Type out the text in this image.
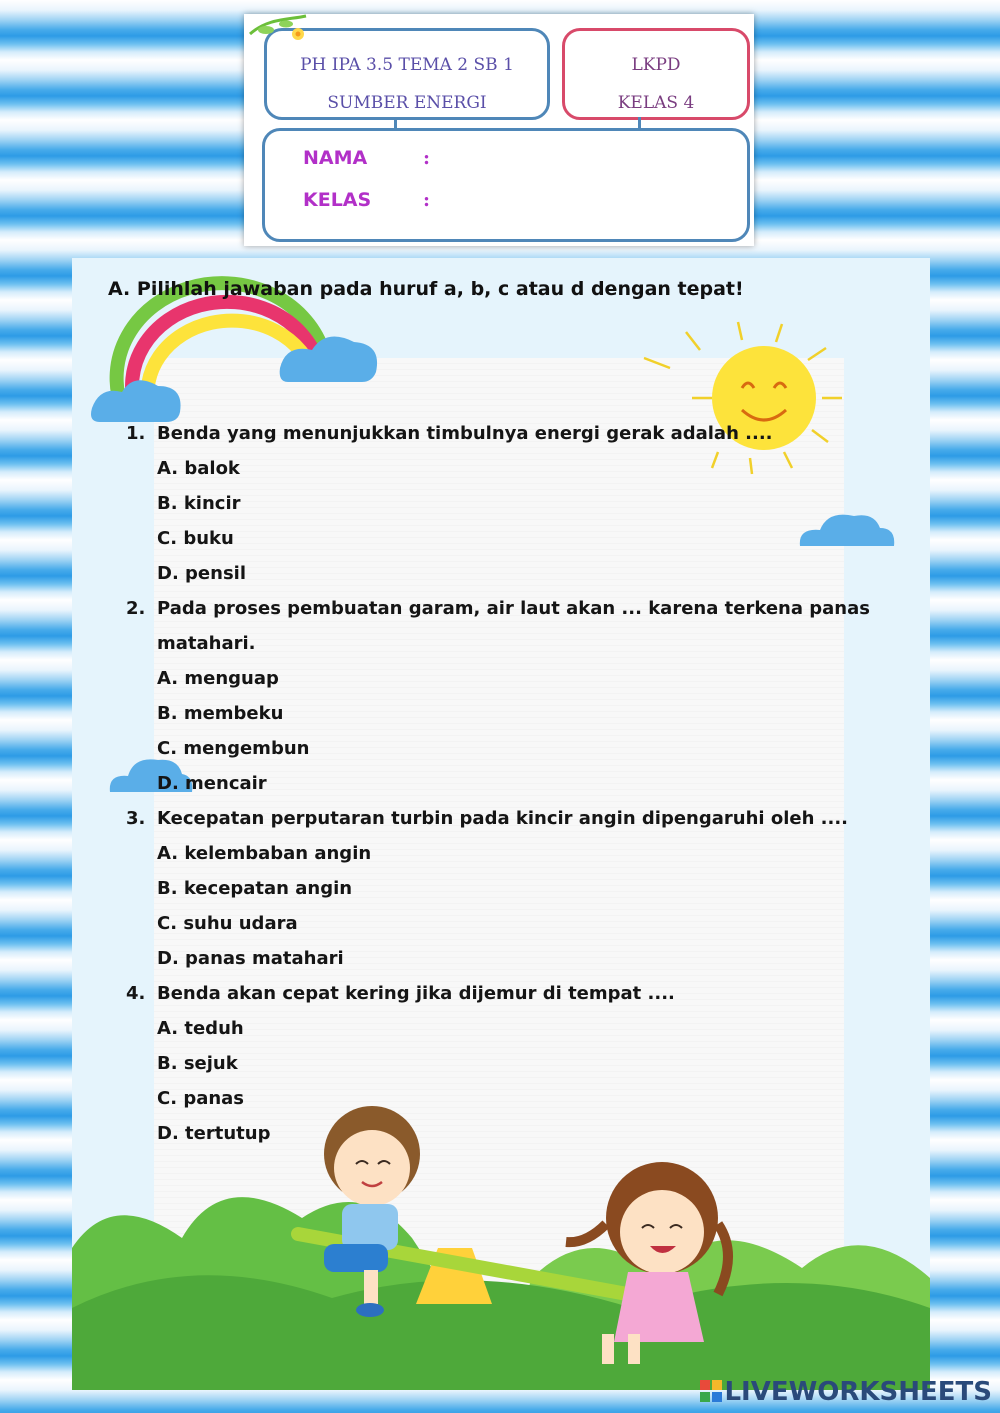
PH IPA 3.5 TEMA 2 SB 1
SUMBER ENERGI
LKPD
KELAS 4
NAMA	:
KELAS	:
A. Pilihlah jawaban pada huruf a, b, c atau d dengan tepat!
1. Benda yang menunjukkan timbulnya energi gerak adalah ....
A. balok
B. kincir
C. buku
D. pensil
2. Pada proses pembuatan garam, air laut akan ... karena terkena panas
matahari.
A. menguap
B. membeku
C. mengembun
D. mencair
3. Kecepatan perputaran turbin pada kincir angin dipengaruhi oleh ....
A. kelembaban angin
B. kecepatan angin
C. suhu udara
D. panas matahari
4. Benda akan cepat kering jika dijemur di tempat ....
A. teduh
B. sejuk
C. panas
D. tertutup
LIVEWORKSHEETS
